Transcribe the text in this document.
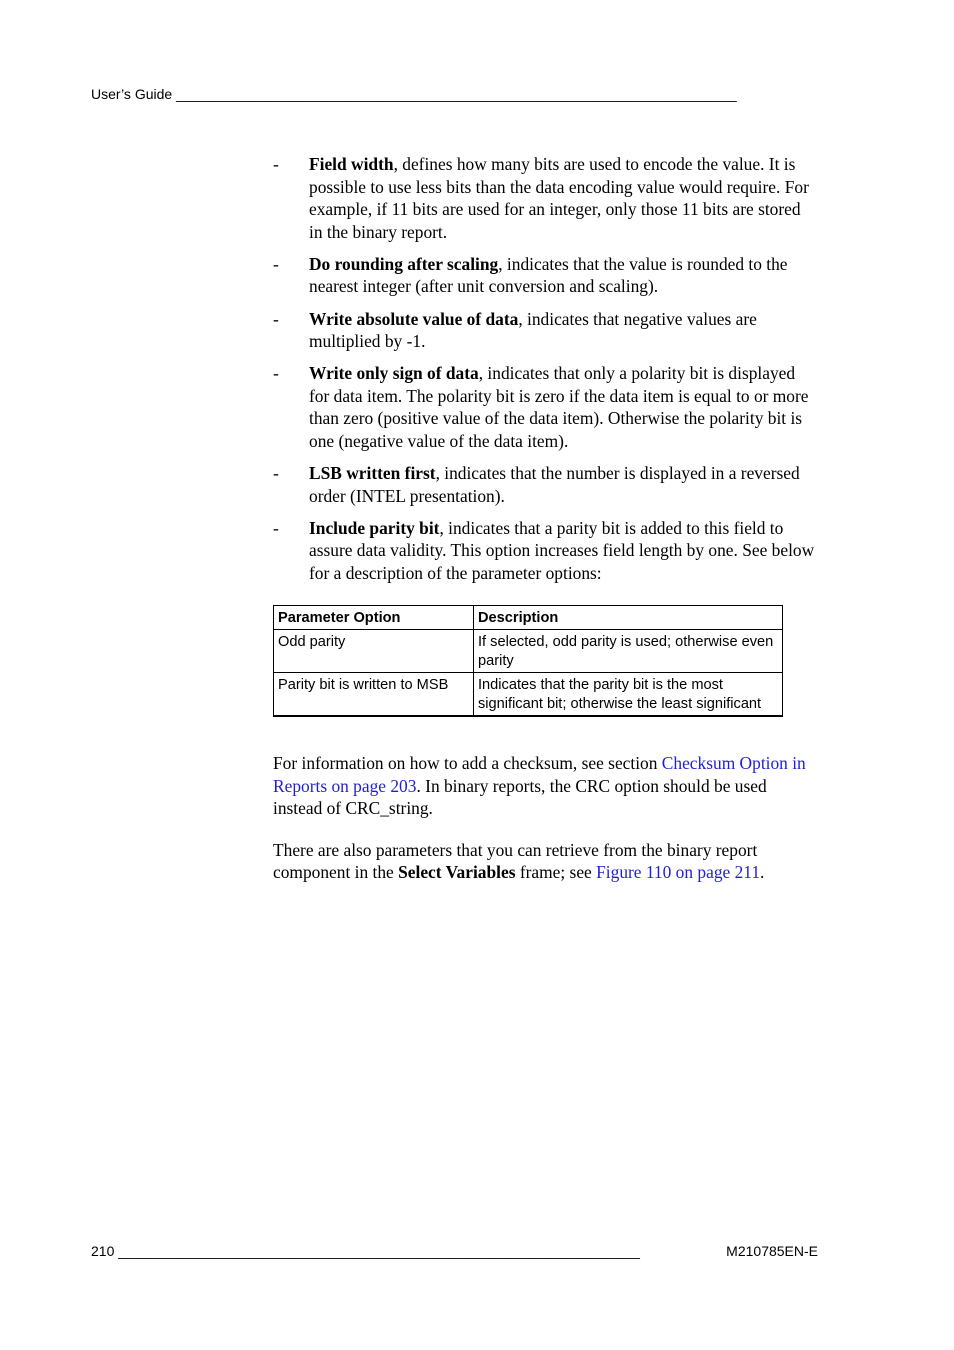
User’s Guide ________________________________________________________________________
- Field width, defines how many bits are used to encode the value. It is possible to use less bits than the data encoding value would require. For example, if 11 bits are used for an integer, only those 11 bits are stored in the binary report.
- Do rounding after scaling, indicates that the value is rounded to the nearest integer (after unit conversion and scaling).
- Write absolute value of data, indicates that negative values are multiplied by -1.
- Write only sign of data, indicates that only a polarity bit is displayed for data item. The polarity bit is zero if the data item is equal to or more than zero (positive value of the data item). Otherwise the polarity bit is one (negative value of the data item).
- LSB written first, indicates that the number is displayed in a reversed order (INTEL presentation).
- Include parity bit, indicates that a parity bit is added to this field to assure data validity. This option increases field length by one. See below for a description of the parameter options:
Parameter Option	Description
Odd parity	If selected, odd parity is used; otherwise even parity
Parity bit is written to MSB	Indicates that the parity bit is the most significant bit; otherwise the least significant

For information on how to add a checksum, see section Checksum Option in Reports on page 203. In binary reports, the CRC option should be used instead of CRC_string.

There are also parameters that you can retrieve from the binary report component in the Select Variables frame; see Figure 110 on page 211.

210 ___________________________________________________________________	M210785EN-E
